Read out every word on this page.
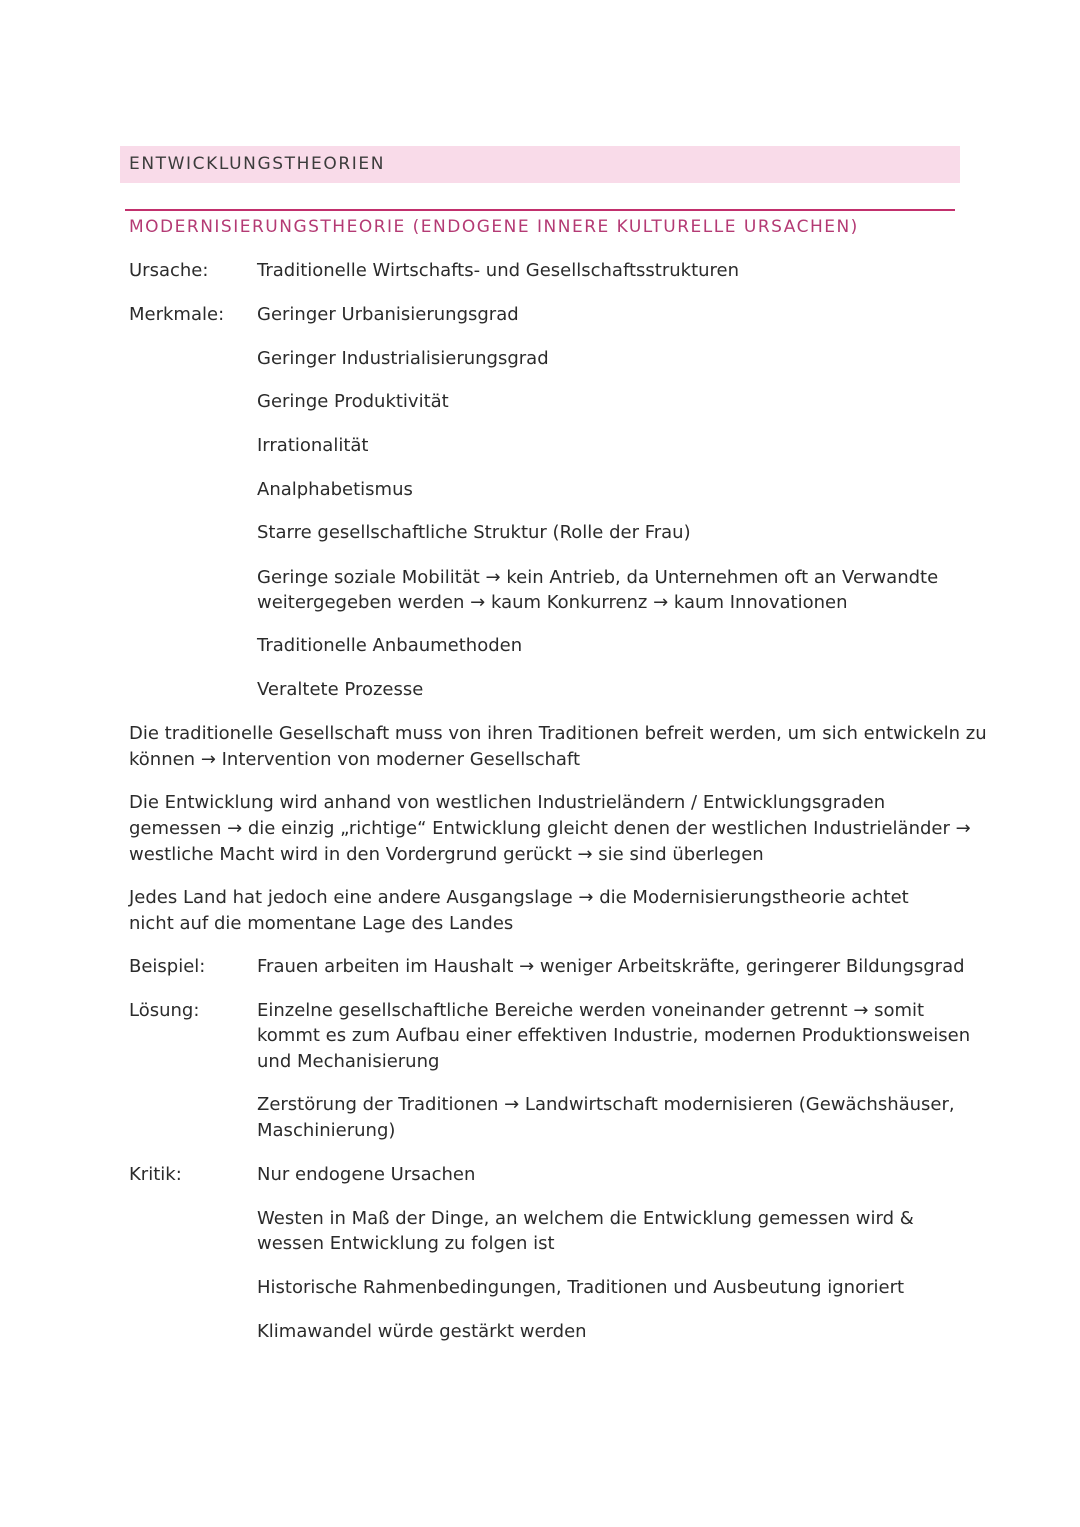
ENTWICKLUNGSTHEORIEN
MODERNISIERUNGSTHEORIE (ENDOGENE INNERE KULTURELLE URSACHEN)
Ursache:	Traditionelle Wirtschafts- und Gesellschaftsstrukturen
Merkmale: Geringer Urbanisierungsgrad
Geringer Industrialisierungsgrad
Geringe Produktivität
Irrationalität
Analphabetismus
Starre gesellschaftliche Struktur (Rolle der Frau)
Geringe soziale Mobilität → kein Antrieb, da Unternehmen oft an Verwandte
weitergegeben werden → kaum Konkurrenz → kaum Innovationen
Traditionelle Anbaumethoden
Veraltete Prozesse
Die traditionelle Gesellschaft muss von ihren Traditionen befreit werden, um sich entwickeln zu
können → Intervention von moderner Gesellschaft
Die Entwicklung wird anhand von westlichen Industrieländern / Entwicklungsgraden
gemessen → die einzig „richtige“ Entwicklung gleicht denen der westlichen Industrieländer →
westliche Macht wird in den Vordergrund gerückt → sie sind überlegen
Jedes Land hat jedoch eine andere Ausgangslage → die Modernisierungstheorie achtet
nicht auf die momentane Lage des Landes
Beispiel:	Frauen arbeiten im Haushalt → weniger Arbeitskräfte, geringerer Bildungsgrad
Lösung:	Einzelne gesellschaftliche Bereiche werden voneinander getrennt → somit
kommt es zum Aufbau einer effektiven Industrie, modernen Produktionsweisen
und Mechanisierung
Zerstörung der Traditionen → Landwirtschaft modernisieren (Gewächshäuser,
Maschinierung)
Kritik:	Nur endogene Ursachen
Westen in Maß der Dinge, an welchem die Entwicklung gemessen wird &
wessen Entwicklung zu folgen ist
Historische Rahmenbedingungen, Traditionen und Ausbeutung ignoriert
Klimawandel würde gestärkt werden
